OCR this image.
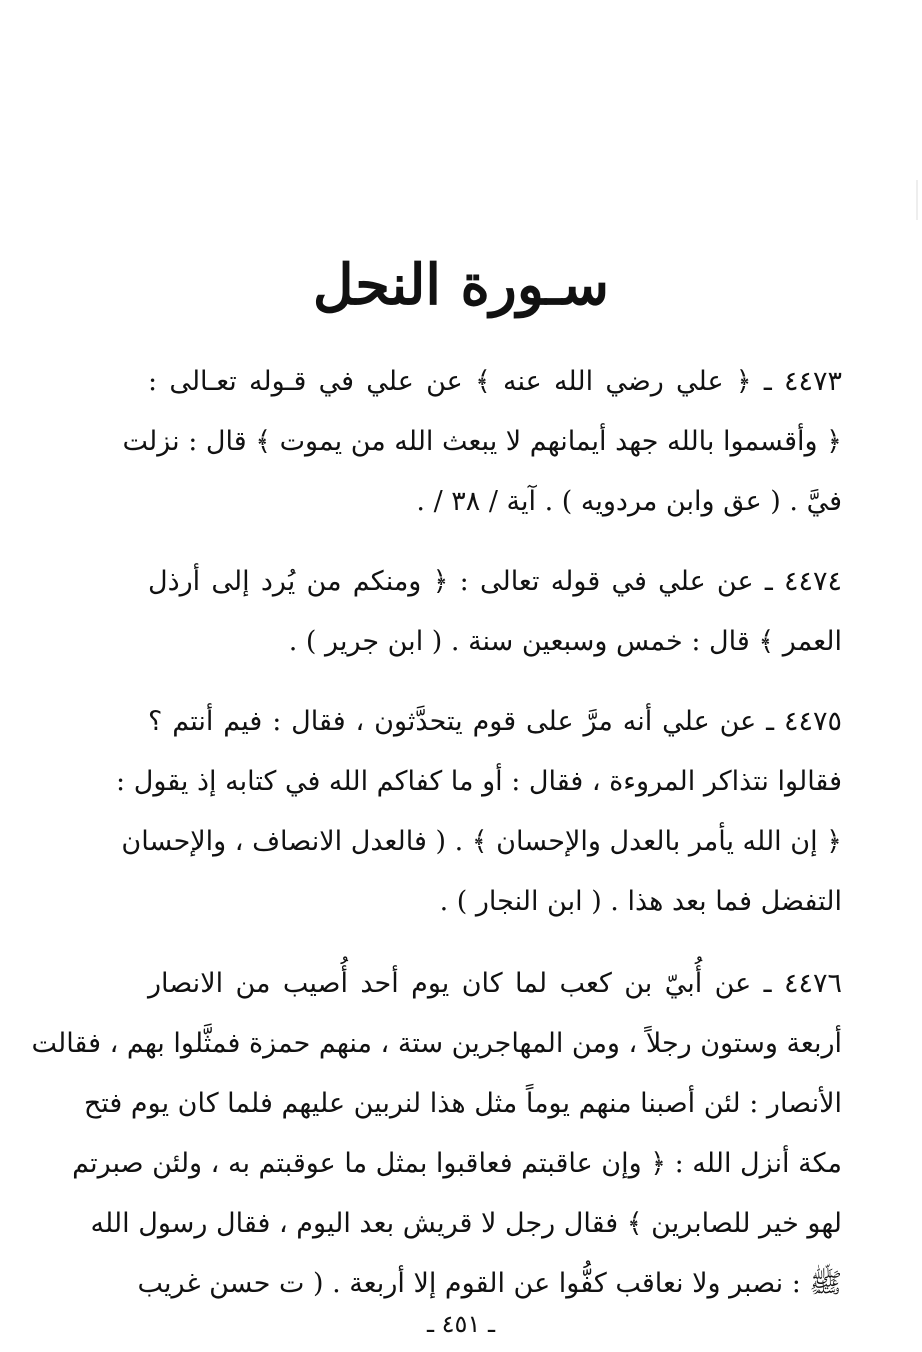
سـورة النحل
٤٤٧٣ ـ ﴿ علي رضي الله عنه ﴾ عن علي في قـوله تعـالى :
﴿ وأقسموا بالله جهد أيمانهم لا يبعث الله من يموت ﴾ قال : نزلت
فيَّ . ( عق وابن مردويه ) . آية / ٣٨ / .
٤٤٧٤ ـ عن علي في قوله تعالى : ﴿ ومنكم من يُرد إلى أرذل
العمر ﴾ قال : خمس وسبعين سنة . ( ابن جرير ) .
٤٤٧٥ ـ عن علي أنه مرَّ على قوم يتحدَّثون ، فقال : فيم أنتم ؟
فقالوا نتذاكر المروءة ، فقال : أو ما كفاكم الله في كتابه إذ يقول :
﴿ إن الله يأمر بالعدل والإحسان ﴾ . ( فالعدل الانصاف ، والإحسان
التفضل فما بعد هذا . ( ابن النجار ) .
٤٤٧٦ ـ عن أُبيّ بن كعب لما كان يوم أحد أُصيب من الانصار
أربعة وستون رجلاً ، ومن المهاجرين ستة ، منهم حمزة فمثَّلوا بهم ، فقالت
الأنصار : لئن أصبنا منهم يوماً مثل هذا لنربين عليهم فلما كان يوم فتح
مكة أنزل الله : ﴿ وإن عاقبتم فعاقبوا بمثل ما عوقبتم به ، ولئن صبرتم
لهو خير للصابرين ﴾ فقال رجل لا قريش بعد اليوم ، فقال رسول الله
ﷺ : نصبر ولا نعاقب كفُّوا عن القوم إلا أربعة . ( ت حسن غريب
ـ ٤٥١ ـ
